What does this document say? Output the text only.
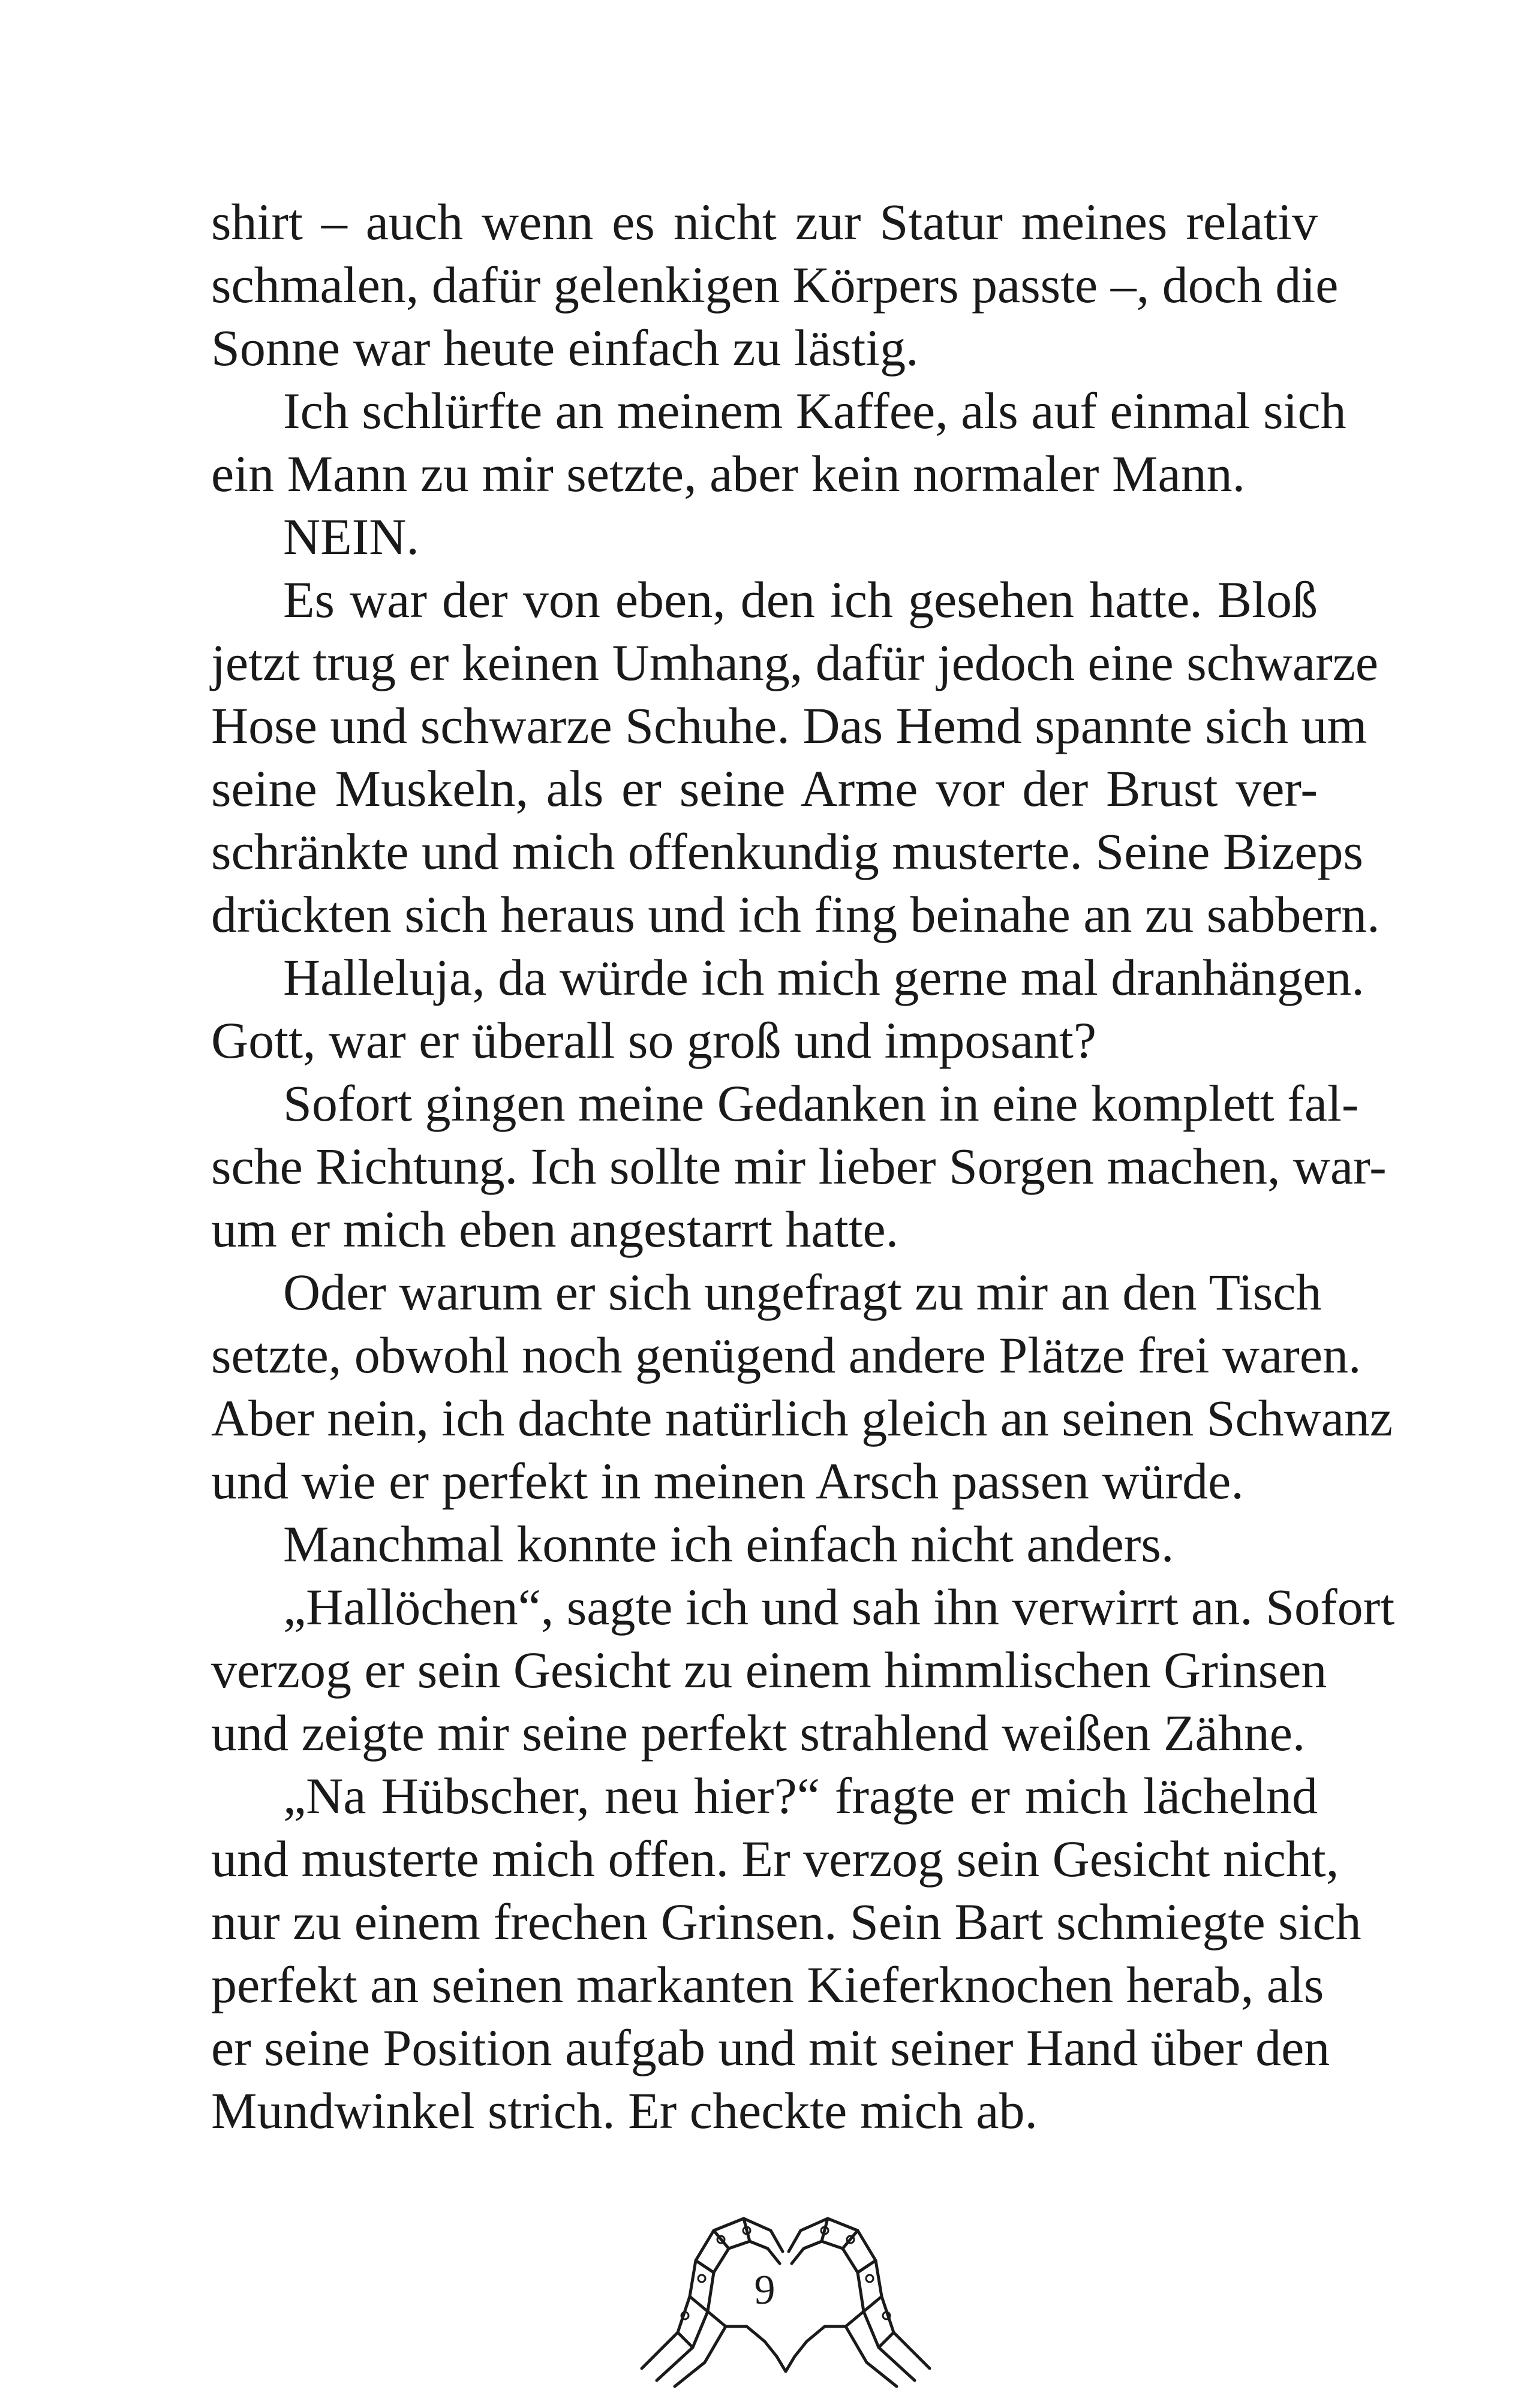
shirt – auch wenn es nicht zur Statur meines relativ
schmalen, dafür gelenkigen Körpers passte –, doch die
Sonne war heute einfach zu lästig.
Ich schlürfte an meinem Kaffee, als auf einmal sich
ein Mann zu mir setzte, aber kein normaler Mann.
NEIN.
Es war der von eben, den ich gesehen hatte. Bloß
jetzt trug er keinen Umhang, dafür jedoch eine schwarze
Hose und schwarze Schuhe. Das Hemd spannte sich um
seine Muskeln, als er seine Arme vor der Brust ver-
schränkte und mich offenkundig musterte. Seine Bizeps
drückten sich heraus und ich fing beinahe an zu sabbern.
Halleluja, da würde ich mich gerne mal dranhängen.
Gott, war er überall so groß und imposant?
Sofort gingen meine Gedanken in eine komplett fal-
sche Richtung. Ich sollte mir lieber Sorgen machen, war-
um er mich eben angestarrt hatte.
Oder warum er sich ungefragt zu mir an den Tisch
setzte, obwohl noch genügend andere Plätze frei waren.
Aber nein, ich dachte natürlich gleich an seinen Schwanz
und wie er perfekt in meinen Arsch passen würde.
Manchmal konnte ich einfach nicht anders.
„Hallöchen“, sagte ich und sah ihn verwirrt an. Sofort
verzog er sein Gesicht zu einem himmlischen Grinsen
und zeigte mir seine perfekt strahlend weißen Zähne.
„Na Hübscher, neu hier?“ fragte er mich lächelnd
und musterte mich offen. Er verzog sein Gesicht nicht,
nur zu einem frechen Grinsen. Sein Bart schmiegte sich
perfekt an seinen markanten Kieferknochen herab, als
er seine Position aufgab und mit seiner Hand über den
Mundwinkel strich. Er checkte mich ab.
9
